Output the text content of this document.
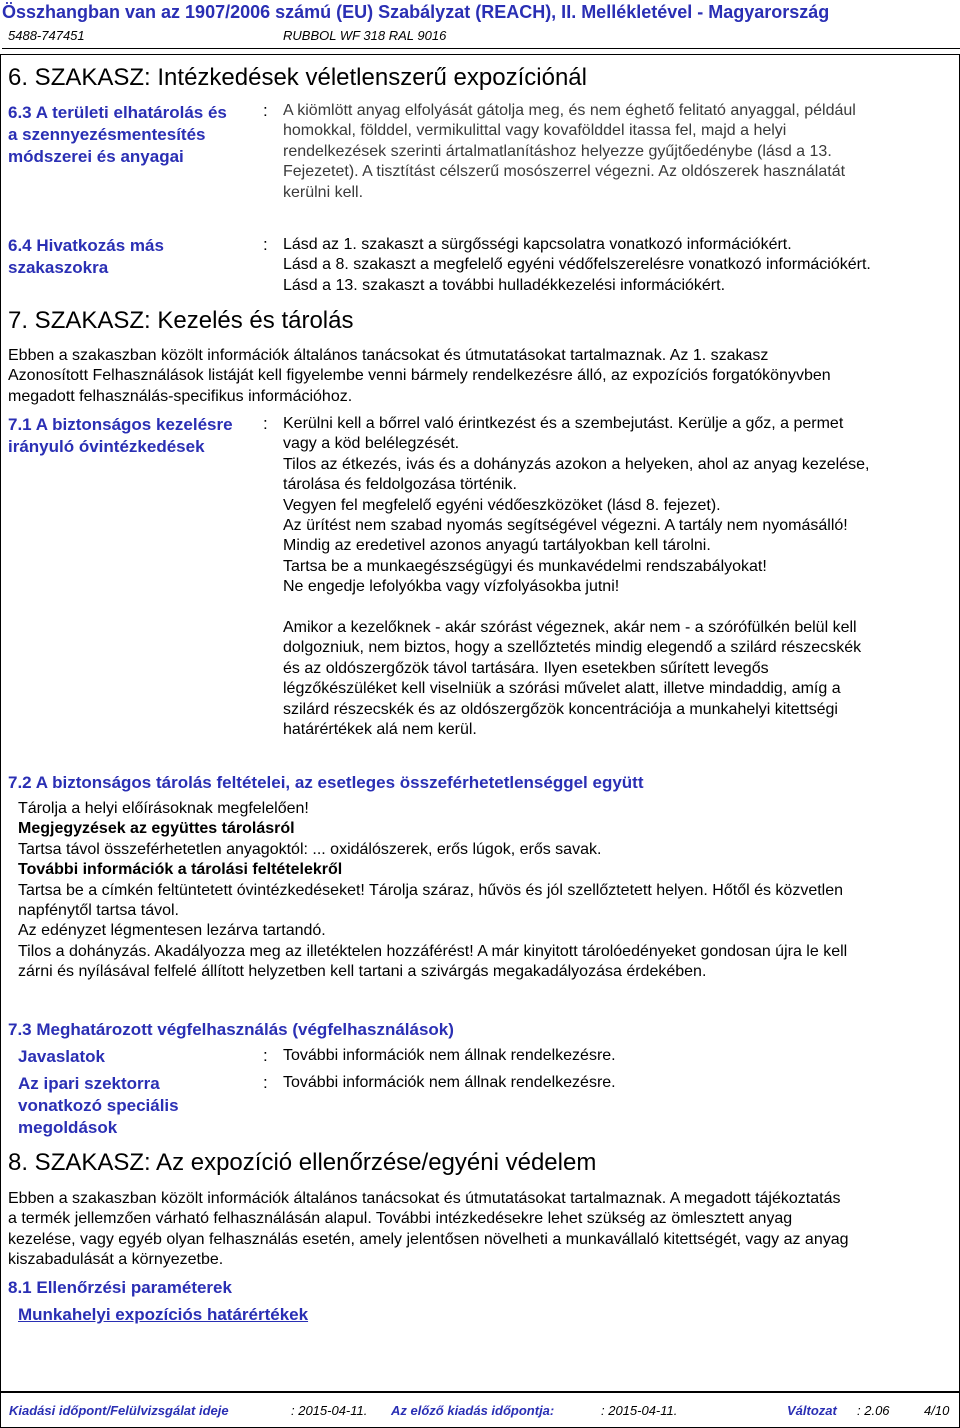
Összhangban van az 1907/2006 számú (EU) Szabályzat (REACH), II. Mellékletével - Magyarország
5488-747451	RUBBOL WF 318 RAL 9016
6. SZAKASZ: Intézkedések véletlenszerű expozíciónál
6.3 A területi elhatárolás és
a szennyezésmentesítés
módszerei és anyagai
: A kiömlött anyag elfolyását gátolja meg, és nem éghető felitató anyaggal, például

homokkal, földdel, vermikulittal vagy kovafölddel itassa fel, majd a helyi

rendelkezések szerinti ártalmatlanításhoz helyezze gyűjtőedénybe (lásd a 13.

Fejezetet). A tisztítást célszerű mosószerrel végezni. Az oldószerek használatát

kerülni kell.

6.4 Hivatkozás más
szakaszokra
: Lásd az 1. szakaszt a sürgősségi kapcsolatra vonatkozó információkért.

Lásd a 8. szakaszt a megfelelő egyéni védőfelszerelésre vonatkozó információkért.

Lásd a 13. szakaszt a további hulladékkezelési információkért.

7. SZAKASZ: Kezelés és tárolás

Ebben a szakaszban közölt információk általános tanácsokat és útmutatásokat tartalmaznak. Az 1. szakasz

Azonosított Felhasználások listáját kell figyelembe venni bármely rendelkezésre álló, az expozíciós forgatókönyvben

megadott felhasználás-specifikus információhoz.

7.1 A biztonságos kezelésre
irányuló óvintézkedések
: Kerülni kell a bőrrel való érintkezést és a szembejutást. Kerülje a gőz, a permet

vagy a köd belélegzését.

Tilos az étkezés, ivás és a dohányzás azokon a helyeken, ahol az anyag kezelése,

tárolása és feldolgozása történik.

Vegyen fel megfelelő egyéni védőeszközöket (lásd 8. fejezet).

Az ürítést nem szabad nyomás segítségével végezni. A tartály nem nyomásálló!

Mindig az eredetivel azonos anyagú tartályokban kell tárolni.

Tartsa be a munkaegészségügyi és munkavédelmi rendszabályokat!

Ne engedje lefolyókba vagy vízfolyásokba jutni!

Amikor a kezelőknek - akár szórást végeznek, akár nem - a szórófülkén belül kell

dolgozniuk, nem biztos, hogy a szellőztetés mindig elegendő a szilárd részecskék

és az oldószergőzök távol tartására. Ilyen esetekben sűrített levegős

légzőkészüléket kell viselniük a szórási művelet alatt, illetve mindaddig, amíg a

szilárd részecskék és az oldószergőzök koncentrációja a munkahelyi kitettségi

határértékek alá nem kerül.

7.2 A biztonságos tárolás feltételei, az esetleges összeférhetetlenséggel együtt

Tárolja a helyi előírásoknak megfelelően!

Megjegyzések az együttes tárolásról

Tartsa távol összeférhetetlen anyagoktól: ... oxidálószerek, erős lúgok, erős savak.

További információk a tárolási feltételekről

Tartsa be a címkén feltüntetett óvintézkedéseket! Tárolja száraz, hűvös és jól szellőztetett helyen. Hőtől és közvetlen

napfénytől tartsa távol.

Az edényzet légmentesen lezárva tartandó.

Tilos a dohányzás. Akadályozza meg az illetéktelen hozzáférést! A már kinyitott tárolóedényeket gondosan újra le kell

zárni és nyílásával felfelé állított helyzetben kell tartani a szivárgás megakadályozása érdekében.

7.3 Meghatározott végfelhasználás (végfelhasználások)
Javaslatok	: További információk nem állnak rendelkezésre.
Az ipari szektorra
vonatkozó speciális
megoldások
: További információk nem állnak rendelkezésre.
8. SZAKASZ: Az expozíció ellenőrzése/egyéni védelem

Ebben a szakaszban közölt információk általános tanácsokat és útmutatásokat tartalmaznak. A megadott tájékoztatás

a termék jellemzően várható felhasználásán alapul. További intézkedésekre lehet szükség az ömlesztett anyag

kezelése, vagy egyéb olyan felhasználás esetén, amely jelentősen növelheti a munkavállaló kitettségét, vagy az anyag

kiszabadulását a környezetbe.

8.1 Ellenőrzési paraméterek
Munkahelyi expozíciós határértékek
Kiadási időpont/Felülvizsgálat ideje	: 2015-04-11. Az előző kiadás időpontja:	: 2015-04-11.	Változat : 2.06	4/10
